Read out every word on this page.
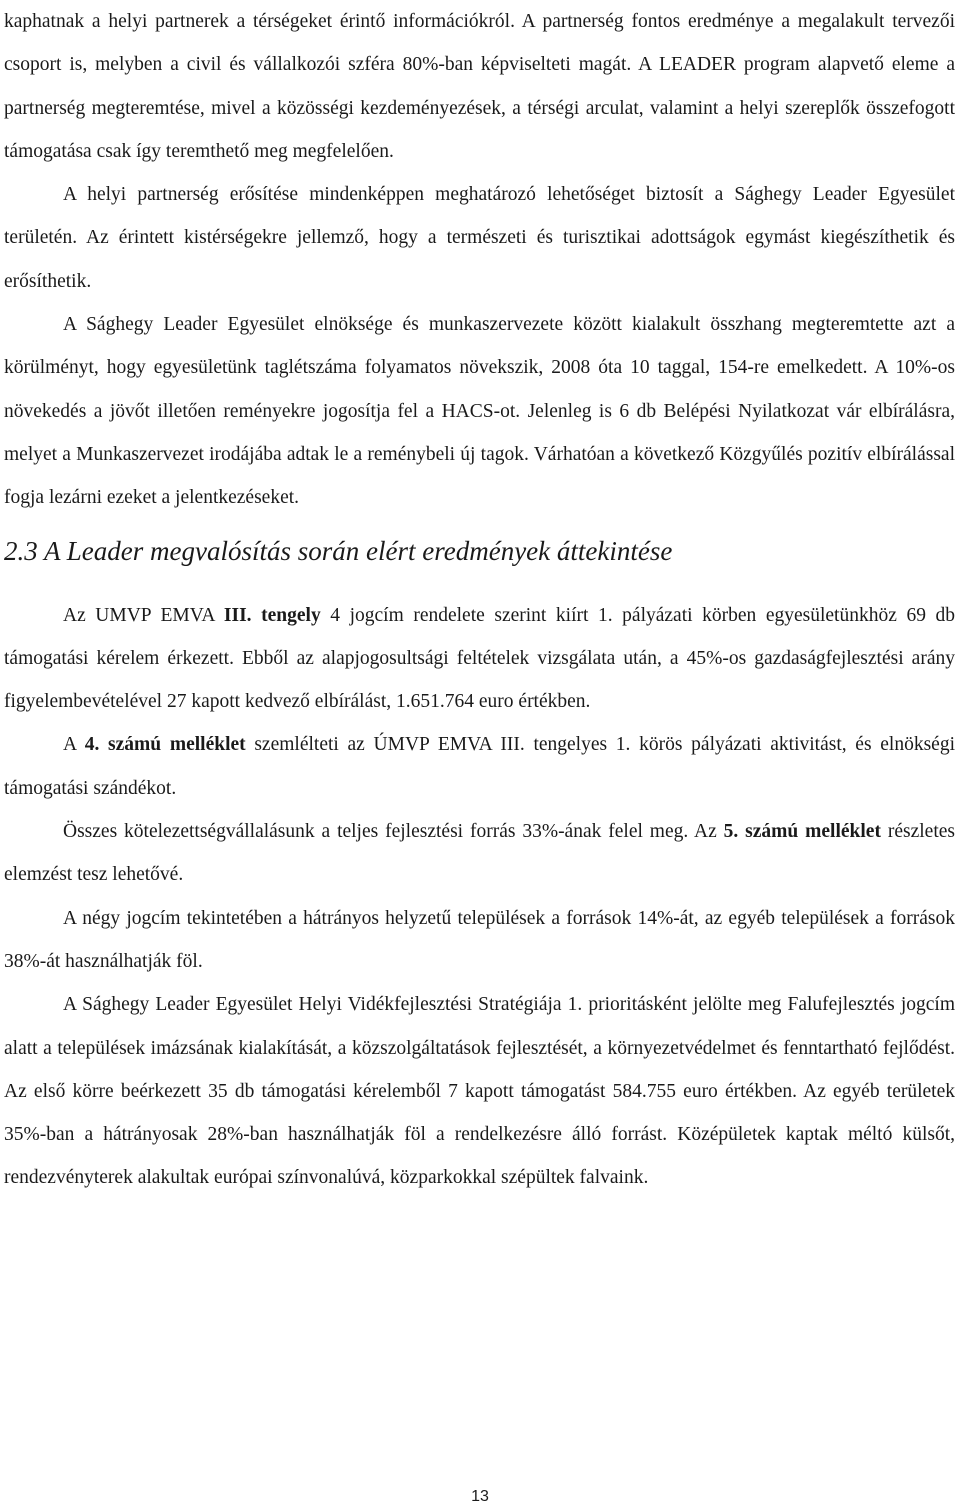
kaphatnak a helyi partnerek a térségeket érintő információkról. A partnerség fontos eredménye a megalakult tervezői csoport is, melyben a civil és vállalkozói szféra 80%-ban képviselteti magát. A LEADER program alapvető eleme a partnerség megteremtése, mivel a közösségi kezdeményezések, a térségi arculat, valamint a helyi szereplők összefogott támogatása csak így teremthető meg megfelelően.

A helyi partnerség erősítése mindenképpen meghatározó lehetőséget biztosít a Sághegy Leader Egyesület területén. Az érintett kistérségekre jellemző, hogy a természeti és turisztikai adottságok egymást kiegészíthetik és erősíthetik.

A Sághegy Leader Egyesület elnöksége és munkaszervezete között kialakult összhang megteremtette azt a körülményt, hogy egyesületünk taglétszáma folyamatos növekszik, 2008 óta 10 taggal, 154-re emelkedett. A 10%-os növekedés a jövőt illetően reményekre jogosítja fel a HACS-ot. Jelenleg is 6 db Belépési Nyilatkozat vár elbírálásra, melyet a Munkaszervezet irodájába adtak le a reménybeli új tagok. Várhatóan a következő Közgyűlés pozitív elbírálással fogja lezárni ezeket a jelentkezéseket.

2.3 A Leader megvalósítás során elért eredmények áttekintése

Az UMVP EMVA III. tengely 4 jogcím rendelete szerint kiírt 1. pályázati körben egyesületünkhöz 69 db támogatási kérelem érkezett. Ebből az alapjogosultsági feltételek vizsgálata után, a 45%-os gazdaságfejlesztési arány figyelembevételével 27 kapott kedvező elbírálást, 1.651.764 euro értékben.

A 4. számú melléklet szemlélteti az ÚMVP EMVA III. tengelyes 1. körös pályázati aktivitást, és elnökségi támogatási szándékot.

Összes kötelezettségvállalásunk a teljes fejlesztési forrás 33%-ának felel meg. Az 5. számú melléklet részletes elemzést tesz lehetővé.

A négy jogcím tekintetében a hátrányos helyzetű települések a források 14%-át, az egyéb települések a források 38%-át használhatják föl.

A Sághegy Leader Egyesület Helyi Vidékfejlesztési Stratégiája 1. prioritásként jelölte meg Falufejlesztés jogcím alatt a települések imázsának kialakítását, a közszolgáltatások fejlesztését, a környezetvédelmet és fenntartható fejlődést. Az első körre beérkezett 35 db támogatási kérelemből 7 kapott támogatást 584.755 euro értékben. Az egyéb területek 35%-ban a hátrányosak 28%-ban használhatják föl a rendelkezésre álló forrást. Középületek kaptak méltó külsőt, rendezvényterek alakultak európai színvonalúvá, közparkokkal szépültek falvaink.

13
